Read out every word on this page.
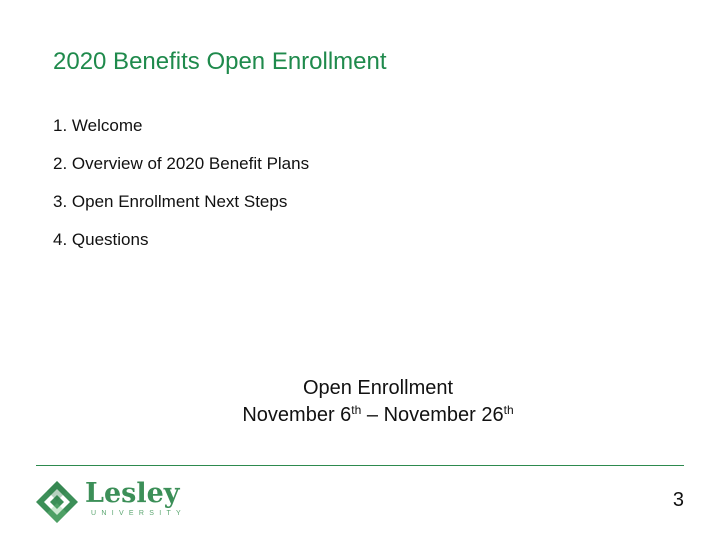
2020 Benefits Open Enrollment
1. Welcome
2. Overview of 2020 Benefit Plans
3. Open Enrollment Next Steps
4. Questions
Open Enrollment
November 6th – November 26th
Lesley
UNIVERSITY
3
